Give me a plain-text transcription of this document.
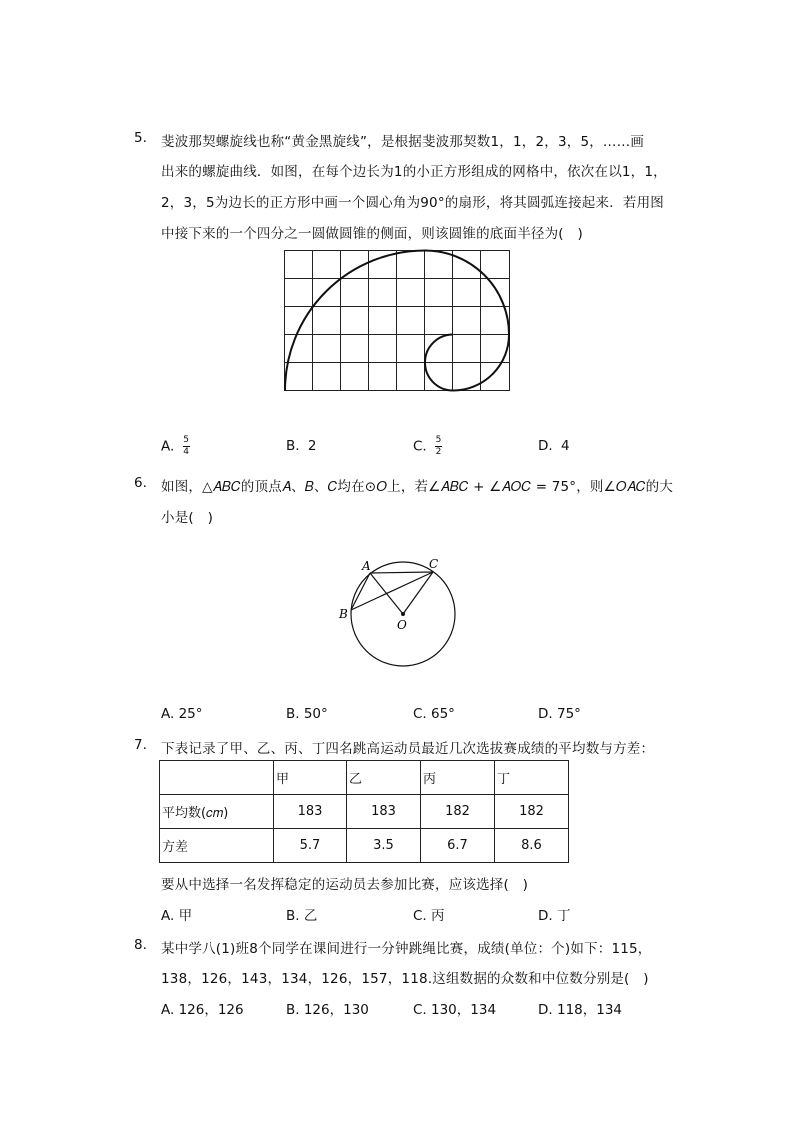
5. 斐波那契螺旋线也称“黄金黑旋线”，是根据斐波那契数1，1，2，3，5，……画
出来的螺旋曲线．如图，在每个边长为1的小正方形组成的网格中，依次在以1，1，
2，3，5为边长的正方形中画一个圆心角为90°的扇形，将其圆弧连接起来．若用图
中接下来的一个四分之一圆做圆锥的侧面，则该圆锥的底面半径为(　)
A. $\frac{5}{4}$	B. 2	C. $\frac{5}{2}$	D. 4
6. 如图，△𝐴𝐵𝐶的顶点𝐴、𝐵、𝐶均在⊙𝑂上，若∠𝐴𝐵𝐶 + ∠𝐴𝑂𝐶 = 75°，则∠𝑂𝐴𝐶的大
小是(　)
A	C
B
O
A. 25°	B. 50°	C. 65°	D. 75°
7. 下表记录了甲、乙、丙、丁四名跳高运动员最近几次选拔赛成绩的平均数与方差：
	甲	乙	丙	丁
平均数(𝑐𝑚)	183	183	182	182
方差	5.7	3.5	6.7	8.6
要从中选择一名发挥稳定的运动员去参加比赛，应该选择(　)
A. 甲	B. 乙	C. 丙	D. 丁
8. 某中学八(1)班8个同学在课间进行一分钟跳绳比赛，成绩(单位：个)如下：115，
138，126，143，134，126，157，118.这组数据的众数和中位数分别是(　)
A. 126，126	B. 126，130	C. 130，134	D. 118，134
